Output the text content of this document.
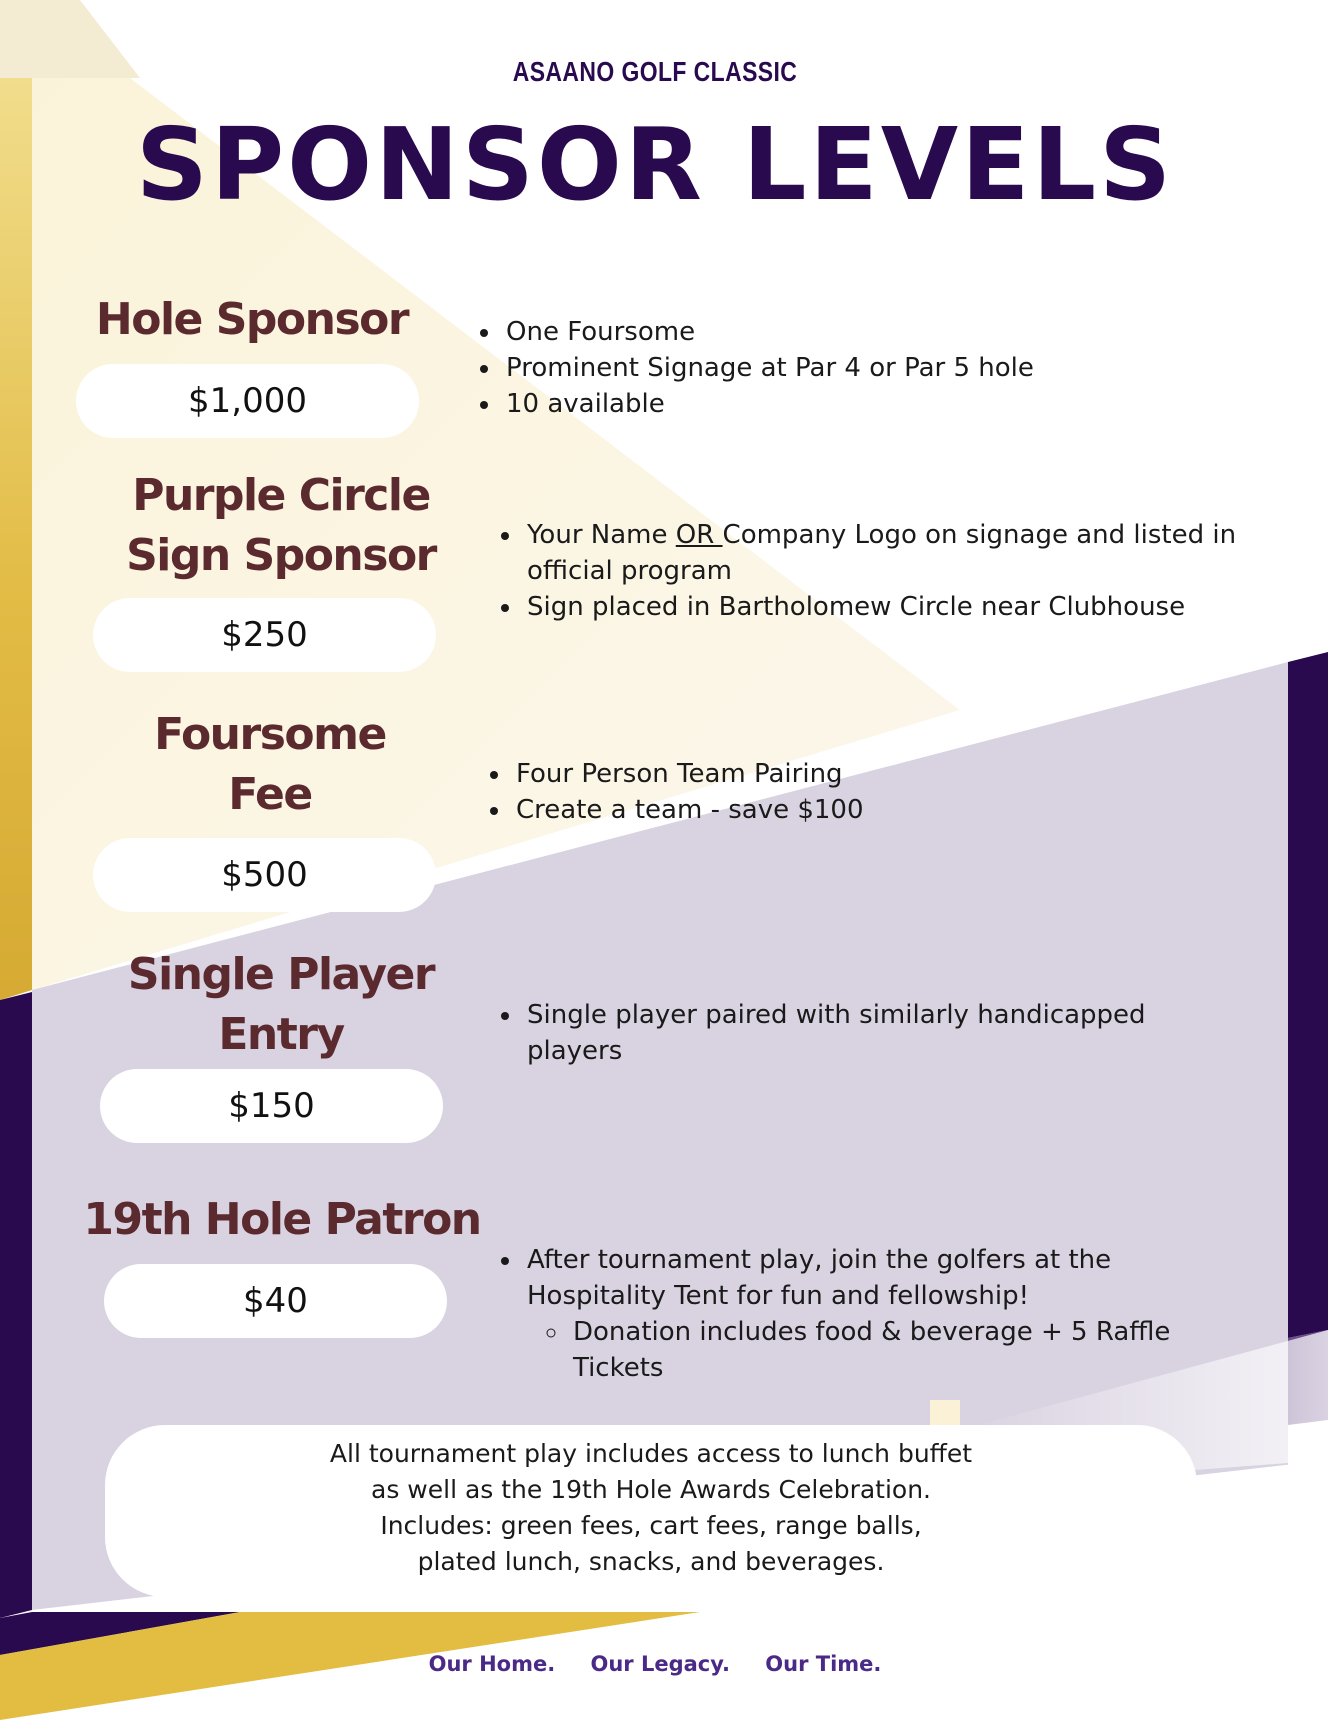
ASAANO GOLF CLASSIC
SPONSOR LEVELS
Hole Sponsor
$1,000
• One Foursome
• Prominent Signage at Par 4 or Par 5 hole
• 10 available
Purple Circle
Sign Sponsor
$250
• Your Name OR Company Logo on signage and listed in official program
• Sign placed in Bartholomew Circle near Clubhouse
Foursome
Fee
$500
• Four Person Team Pairing
• Create a team - save $100
Single Player
Entry
$150
• Single player paired with similarly handicapped players
19th Hole Patron
$40
• After tournament play, join the golfers at the Hospitality Tent for fun and fellowship!
◦ Donation includes food & beverage + 5 Raffle Tickets
All tournament play includes access to lunch buffet
as well as the 19th Hole Awards Celebration.
Includes: green fees, cart fees, range balls,
plated lunch, snacks, and beverages.
Our Home. Our Legacy. Our Time.
